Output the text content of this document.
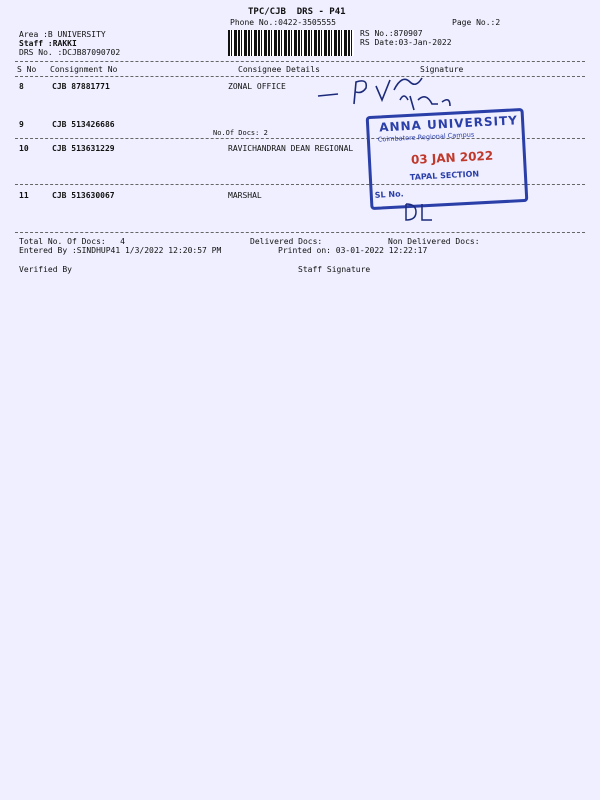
TPC/CJB  DRS - P41
Phone No.:0422-3505555	Page No.:2
Area :B UNIVERSITY
Staff :RAKKI
DRS No. :DCJB87090702
RS No.:870907
RS Date:03-Jan-2022
S No Consignment No	Consignee Details	Signature
8	CJB 87881771	ZONAL OFFICE
9	CJB 513426686
No.Of Docs: 2
10	CJB 513631229	RAVICHANDRAN DEAN REGIONAL
11	CJB 513630067	MARSHAL
Total No. Of Docs:   4	Delivered Docs:	Non Delivered Docs:
Entered By :SINDHUP41 1/3/2022 12:20:57 PM	Printed on: 03-01-2022 12:22:17
Verified By	Staff Signature
ANNA UNIVERSITY
Coimbatore Regional Campus
03 JAN 2022
TAPAL SECTION
SL No.
